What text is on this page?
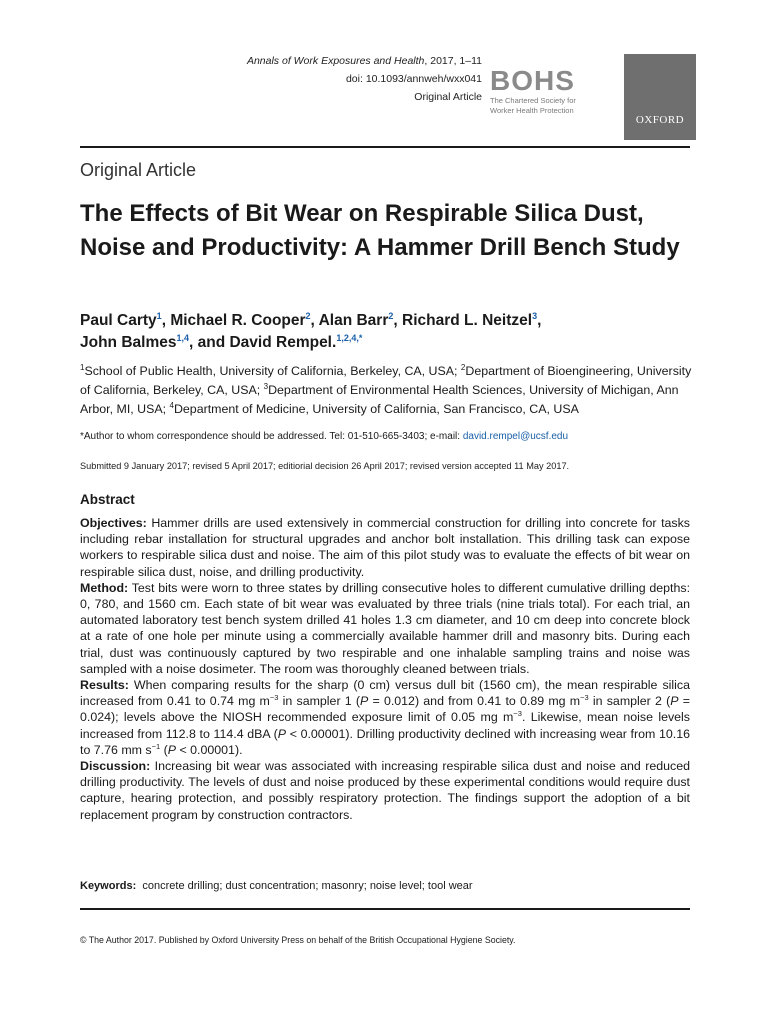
Annals of Work Exposures and Health, 2017, 1–11
doi: 10.1093/annweh/wxx041
Original Article
BOHS
The Chartered Society for
Worker Health Protection
OXFORD
Original Article
The Effects of Bit Wear on Respirable Silica Dust, Noise and Productivity: A Hammer Drill Bench Study
Paul Carty$^1$, Michael R. Cooper$^2$, Alan Barr$^2$, Richard L. Neitzel$^3$,
John Balmes$^{1,4}$, and David Rempel.$^{1,2,4,*}$
$^1$School of Public Health, University of California, Berkeley, CA, USA; $^2$Department of Bioengineering, University of California, Berkeley, CA, USA; $^3$Department of Environmental Health Sciences, University of Michigan, Ann Arbor, MI, USA; $^4$Department of Medicine, University of California, San Francisco, CA, USA
*Author to whom correspondence should be addressed. Tel: 01-510-665-3403; e-mail: david.rempel@ucsf.edu
Submitted 9 January 2017; revised 5 April 2017; editiorial decision 26 April 2017; revised version accepted 11 May 2017.
Abstract

Objectives: Hammer drills are used extensively in commercial construction for drilling into concrete for tasks including rebar installation for structural upgrades and anchor bolt installation. This drilling task can expose workers to respirable silica dust and noise. The aim of this pilot study was to evaluate the effects of bit wear on respirable silica dust, noise, and drilling productivity.

Method: Test bits were worn to three states by drilling consecutive holes to different cumulative drilling depths: 0, 780, and 1560 cm. Each state of bit wear was evaluated by three trials (nine trials total). For each trial, an automated laboratory test bench system drilled 41 holes 1.3 cm diameter, and 10 cm deep into concrete block at a rate of one hole per minute using a commercially available hammer drill and masonry bits. During each trial, dust was continuously captured by two respirable and one inhalable sampling trains and noise was sampled with a noise dosimeter. The room was thoroughly cleaned between trials.

Results: When comparing results for the sharp (0 cm) versus dull bit (1560 cm), the mean respirable silica increased from 0.41 to 0.74 mg $m^{-3}$ in sampler 1 (P = 0.012) and from 0.41 to 0.89 mg $m^{-3}$ in sampler 2 (P = 0.024); levels above the NIOSH recommended exposure limit of 0.05 mg $m^{-3}$. Likewise, mean noise levels increased from 112.8 to 114.4 dBA (P < 0.00001). Drilling productivity declined with increasing wear from 10.16 to 7.76 mm $s^{-1}$ (P < 0.00001).

Discussion: Increasing bit wear was associated with increasing respirable silica dust and noise and reduced drilling productivity. The levels of dust and noise produced by these experimental conditions would require dust capture, hearing protection, and possibly respiratory protection. The findings support the adoption of a bit replacement program by construction contractors.

Keywords: concrete drilling; dust concentration; masonry; noise level; tool wear
© The Author 2017. Published by Oxford University Press on behalf of the British Occupational Hygiene Society.
